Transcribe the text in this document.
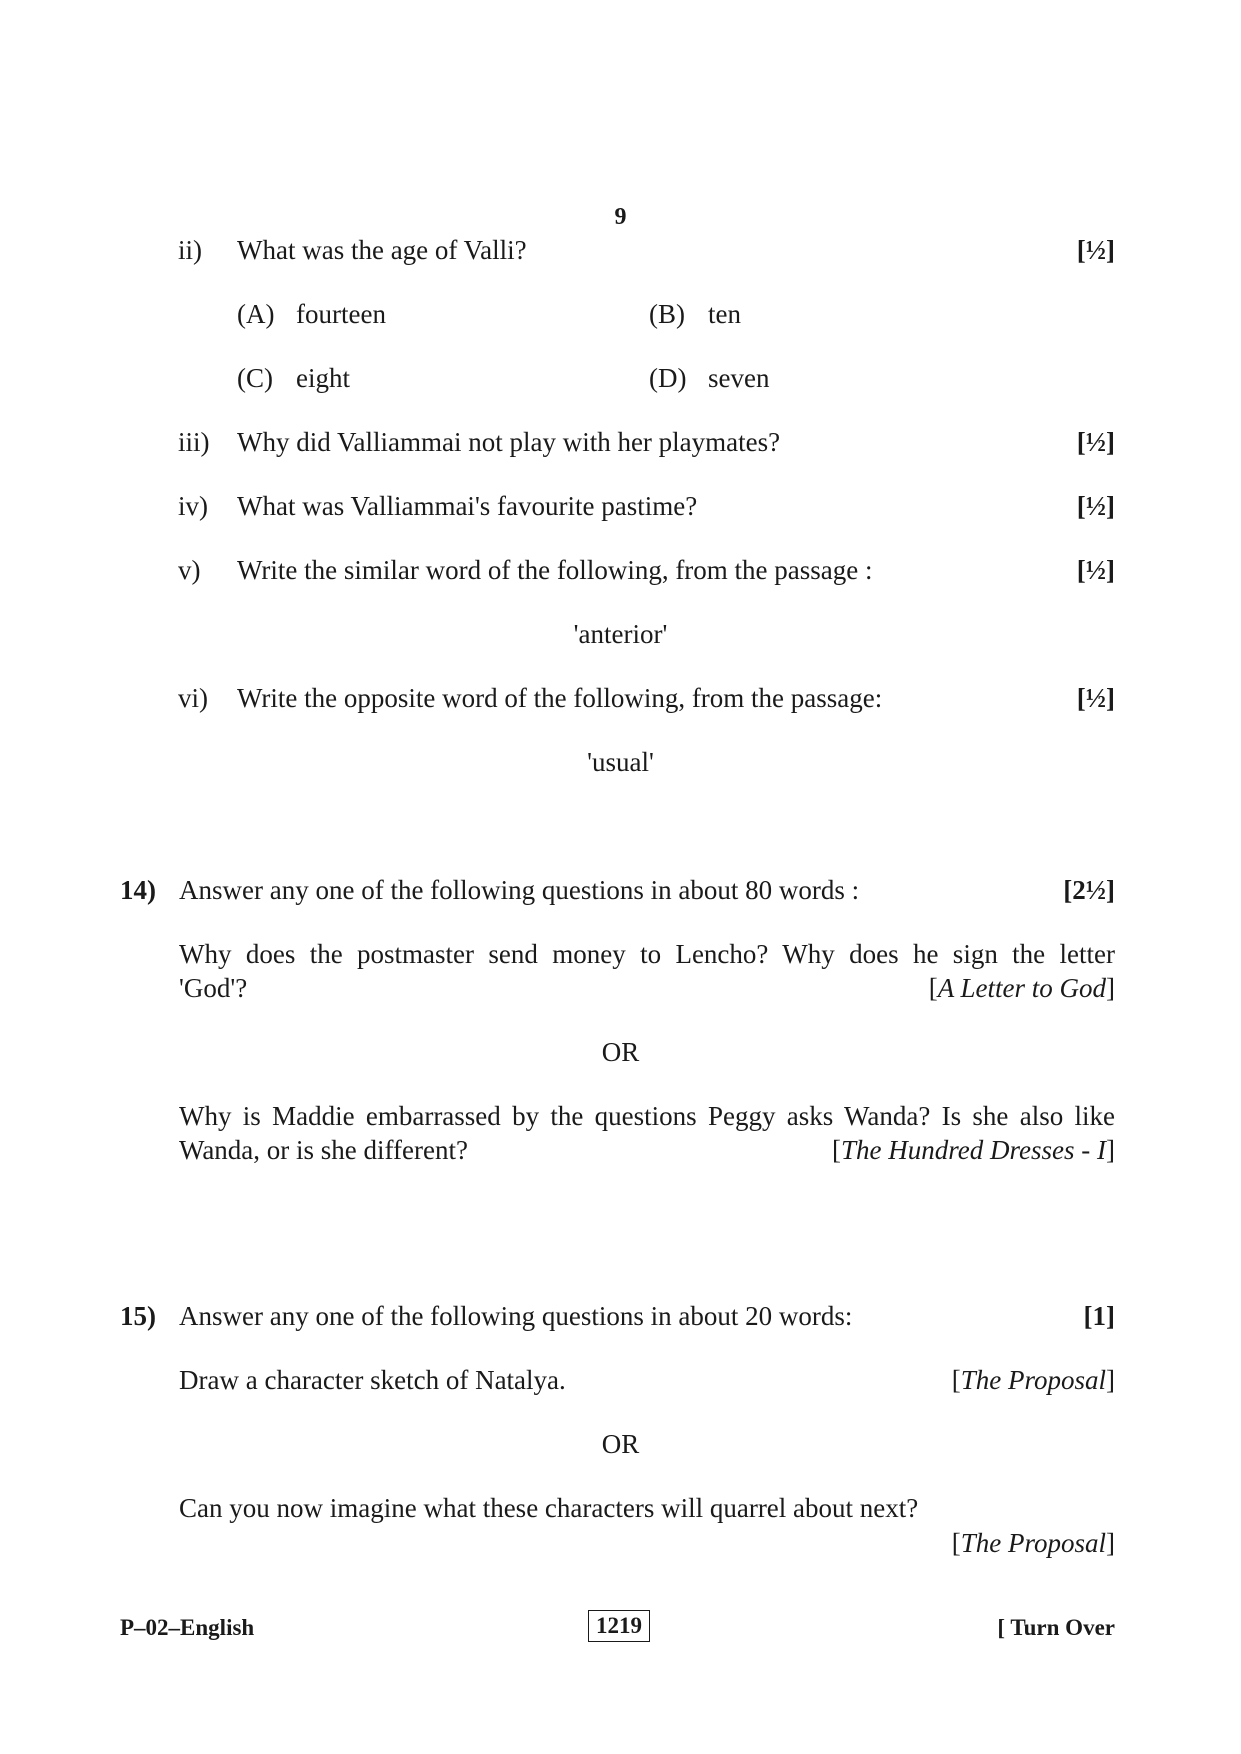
9
ii) What was the age of Valli?	[½]
(A) fourteen	(B) ten
(C) eight	(D) seven
iii) Why did Valliammai not play with her playmates?	[½]
iv) What was Valliammai's favourite pastime?	[½]
v) Write the similar word of the following, from the passage :	[½]
'anterior'
vi) Write the opposite word of the following, from the passage:	[½]
'usual'
14) Answer any one of the following questions in about 80 words :	[2½]
Why does the postmaster send money to Lencho? Why does he sign the letter
'God'?	[A Letter to God]
OR
Why is Maddie embarrassed by the questions Peggy asks Wanda? Is she also like
Wanda, or is she different?	[The Hundred Dresses - I]
15) Answer any one of the following questions in about 20 words:	[1]
Draw a character sketch of Natalya.	[The Proposal]
OR
Can you now imagine what these characters will quarrel about next?
[The Proposal]
P–02–English	1219	[ Turn Over
